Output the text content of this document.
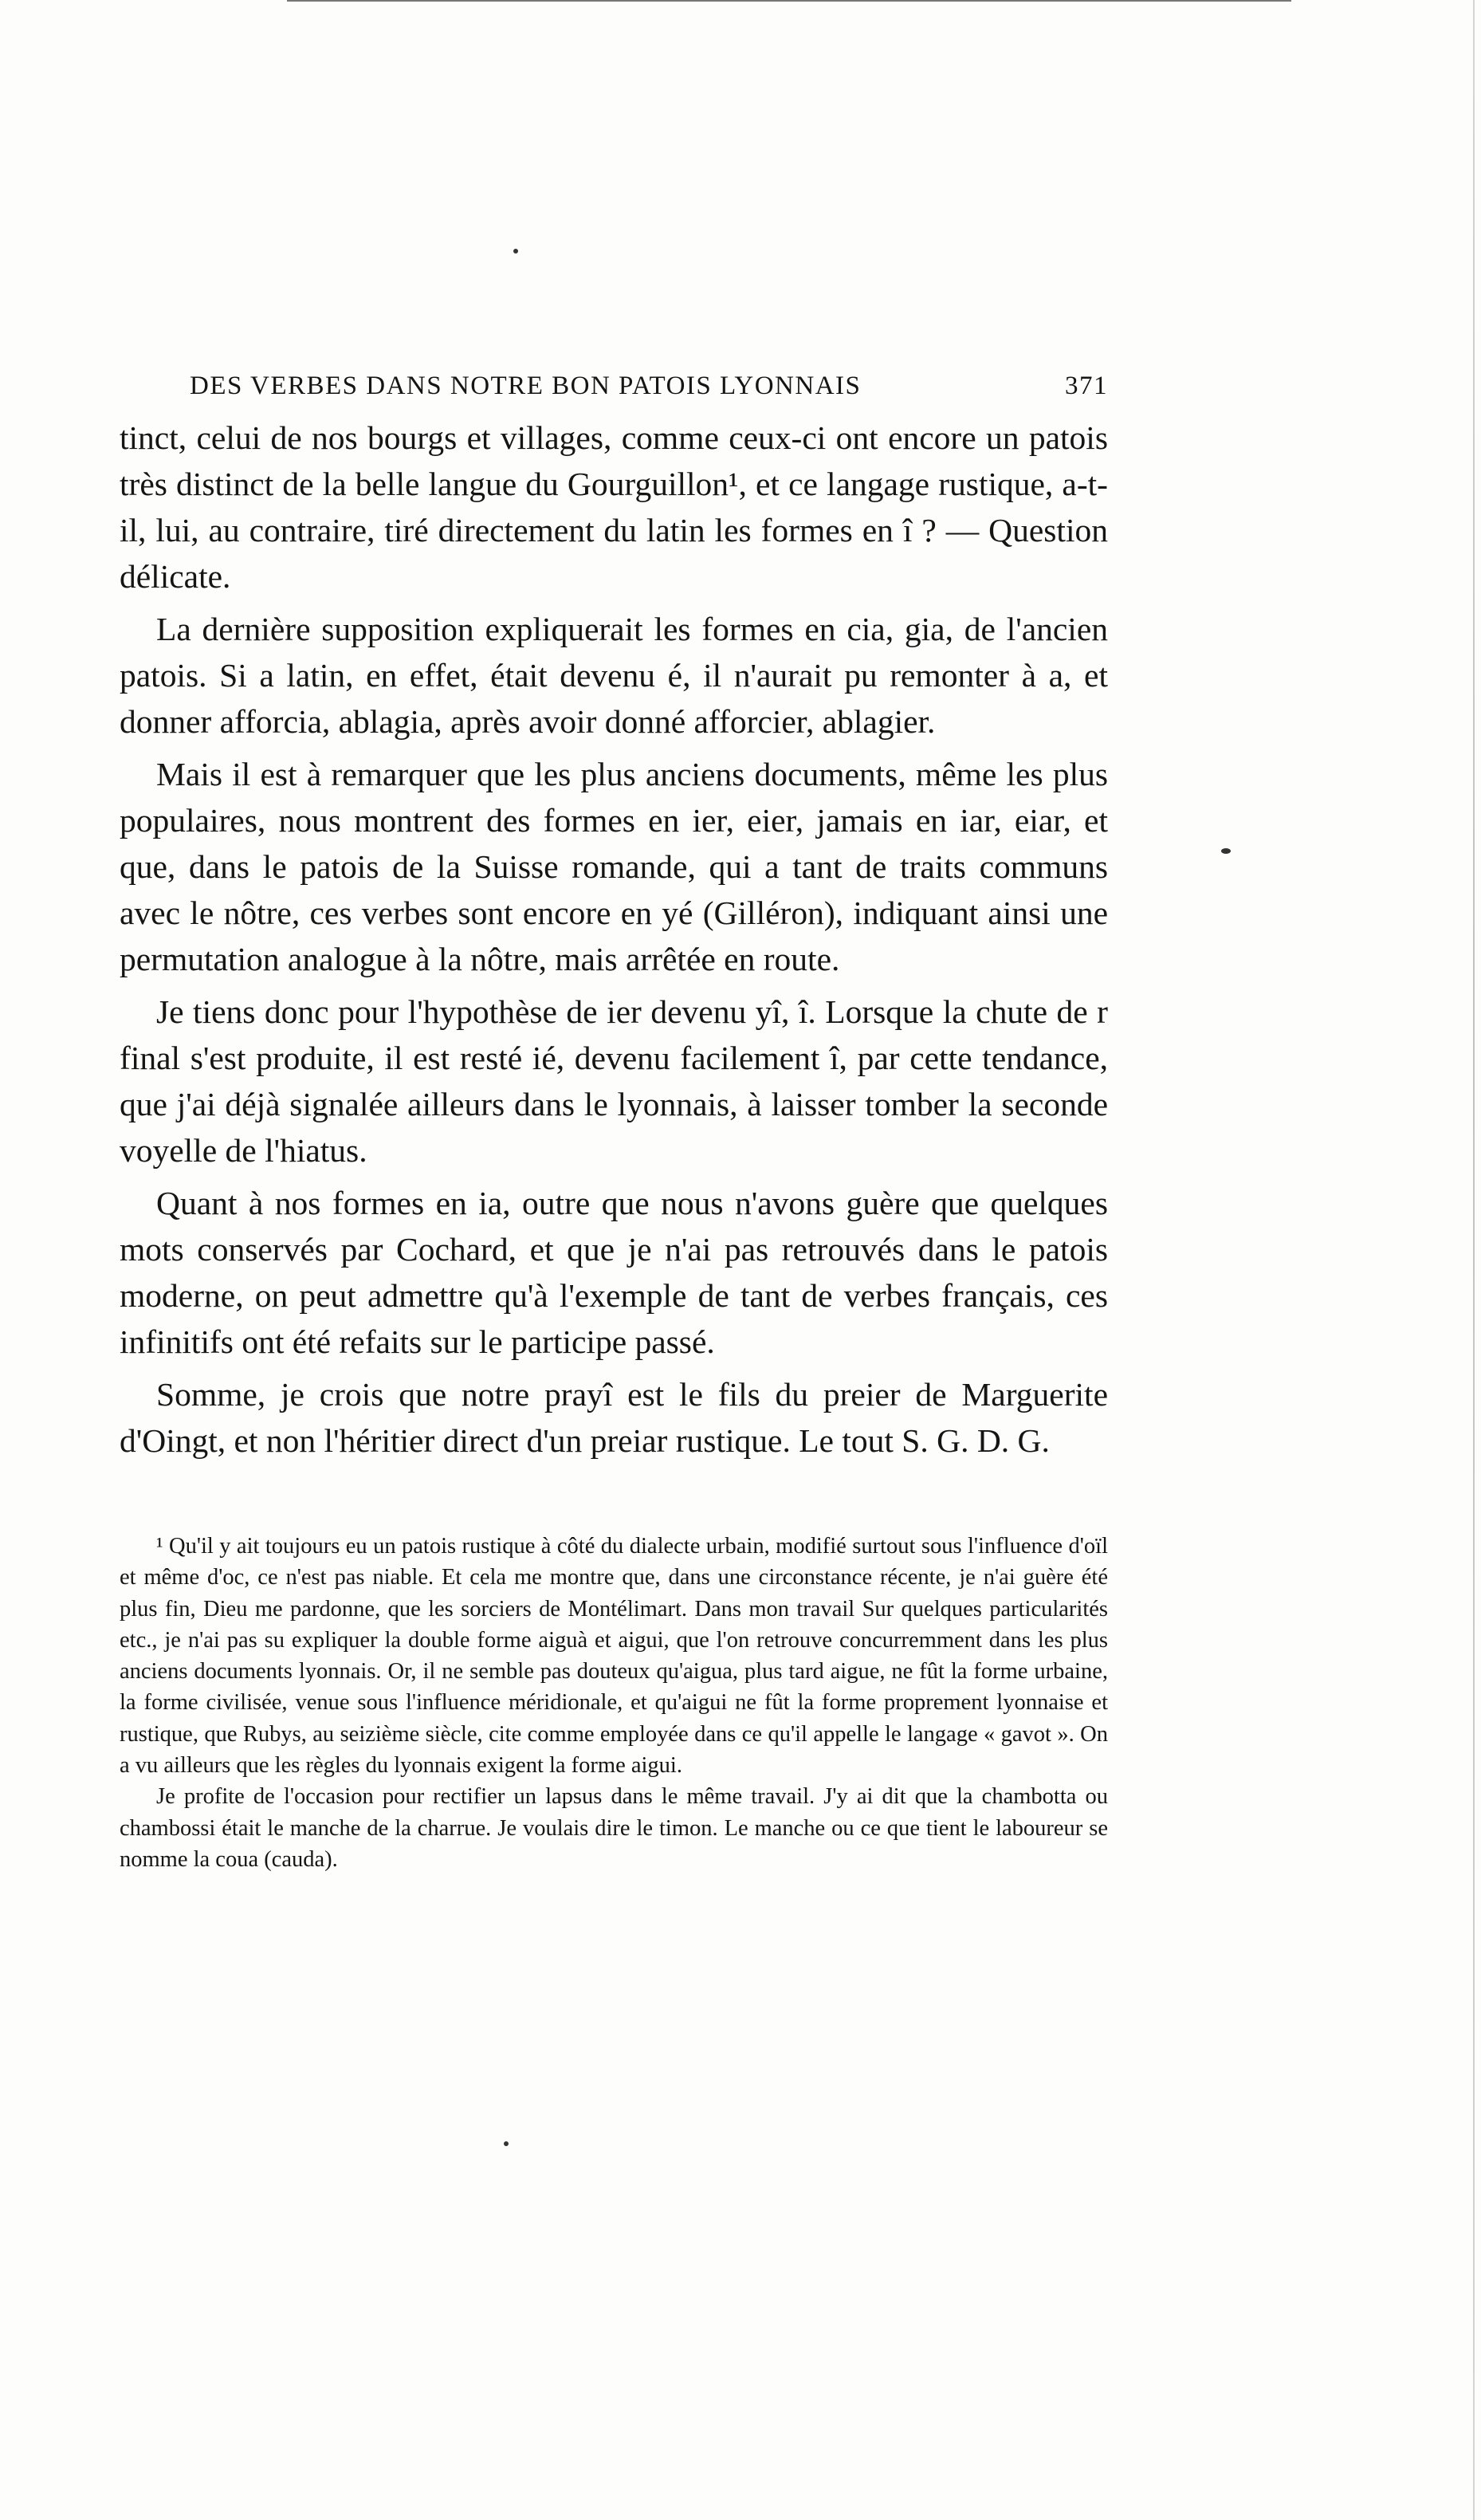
DES VERBES DANS NOTRE BON PATOIS LYONNAIS	371

tinct, celui de nos bourgs et villages, comme ceux-ci ont encore un patois très distinct de la belle langue du Gourguillon¹, et ce langage rustique, a-t-il, lui, au contraire, tiré directement du latin les formes en î ? — Question délicate.

La dernière supposition expliquerait les formes en cia, gia, de l'ancien patois. Si a latin, en effet, était devenu é, il n'aurait pu remonter à a, et donner afforcia, ablagia, après avoir donné afforcier, ablagier.

Mais il est à remarquer que les plus anciens documents, même les plus populaires, nous montrent des formes en ier, eier, jamais en iar, eiar, et que, dans le patois de la Suisse romande, qui a tant de traits communs avec le nôtre, ces verbes sont encore en yé (Gilléron), indiquant ainsi une permutation analogue à la nôtre, mais arrêtée en route.

Je tiens donc pour l'hypothèse de ier devenu yî, î. Lorsque la chute de r final s'est produite, il est resté ié, devenu facilement î, par cette tendance, que j'ai déjà signalée ailleurs dans le lyonnais, à laisser tomber la seconde voyelle de l'hiatus.

Quant à nos formes en ia, outre que nous n'avons guère que quelques mots conservés par Cochard, et que je n'ai pas retrouvés dans le patois moderne, on peut admettre qu'à l'exemple de tant de verbes français, ces infinitifs ont été refaits sur le participe passé.

Somme, je crois que notre prayî est le fils du preier de Marguerite d'Oingt, et non l'héritier direct d'un preiar rustique. Le tout S. G. D. G.

¹ Qu'il y ait toujours eu un patois rustique à côté du dialecte urbain, modifié surtout sous l'influence d'oïl et même d'oc, ce n'est pas niable. Et cela me montre que, dans une circonstance récente, je n'ai guère été plus fin, Dieu me pardonne, que les sorciers de Montélimart. Dans mon travail Sur quelques particularités etc., je n'ai pas su expliquer la double forme aiguà et aigui, que l'on retrouve concurremment dans les plus anciens documents lyonnais. Or, il ne semble pas douteux qu'aigua, plus tard aigue, ne fût la forme urbaine, la forme civilisée, venue sous l'influence méridionale, et qu'aigui ne fût la forme proprement lyonnaise et rustique, que Rubys, au seizième siècle, cite comme employée dans ce qu'il appelle le langage « gavot ». On a vu ailleurs que les règles du lyonnais exigent la forme aigui.

Je profite de l'occasion pour rectifier un lapsus dans le même travail. J'y ai dit que la chambotta ou chambossi était le manche de la charrue. Je voulais dire le timon. Le manche ou ce que tient le laboureur se nomme la coua (cauda).
